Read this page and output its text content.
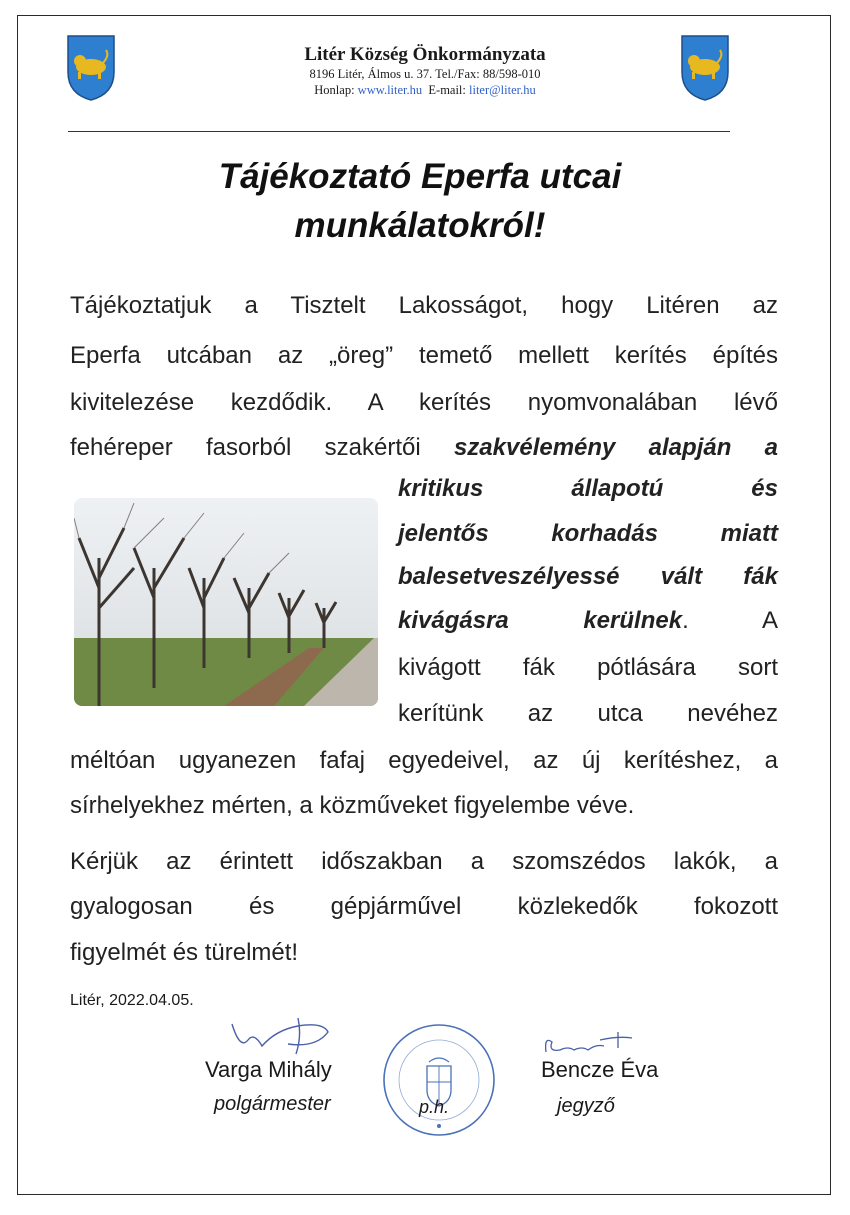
Litér Község Önkormányzata
8196 Litér, Álmos u. 37. Tel./Fax: 88/598-010
Honlap: www.liter.hu E-mail: liter@liter.hu
Tájékoztató Eperfa utcai
munkálatokról!

Tájékoztatjuk a Tisztelt Lakosságot, hogy Litéren az

Eperfa utcában az „öreg” temető mellett kerítés építés

kivitelezése kezdődik. A kerítés nyomvonalában lévő

fehéreper fasorból szakértői szakvélemény alapján a

kritikus állapotú és

jelentős korhadás miatt

balesetveszélyessé vált fák

kivágásra kerülnek. A

kivágott fák pótlására sort

kerítünk az utca nevéhez

méltóan ugyanezen fafaj egyedeivel, az új kerítéshez, a

sírhelyekhez mérten, a közműveket figyelembe véve.

Kérjük az érintett időszakban a szomszédos lakók, a

gyalogosan és gépjárművel közlekedők fokozott

figyelmét és türelmét!

Litér, 2022.04.05.
Varga Mihály
polgármester	p.h.
Bencze Éva
jegyző
